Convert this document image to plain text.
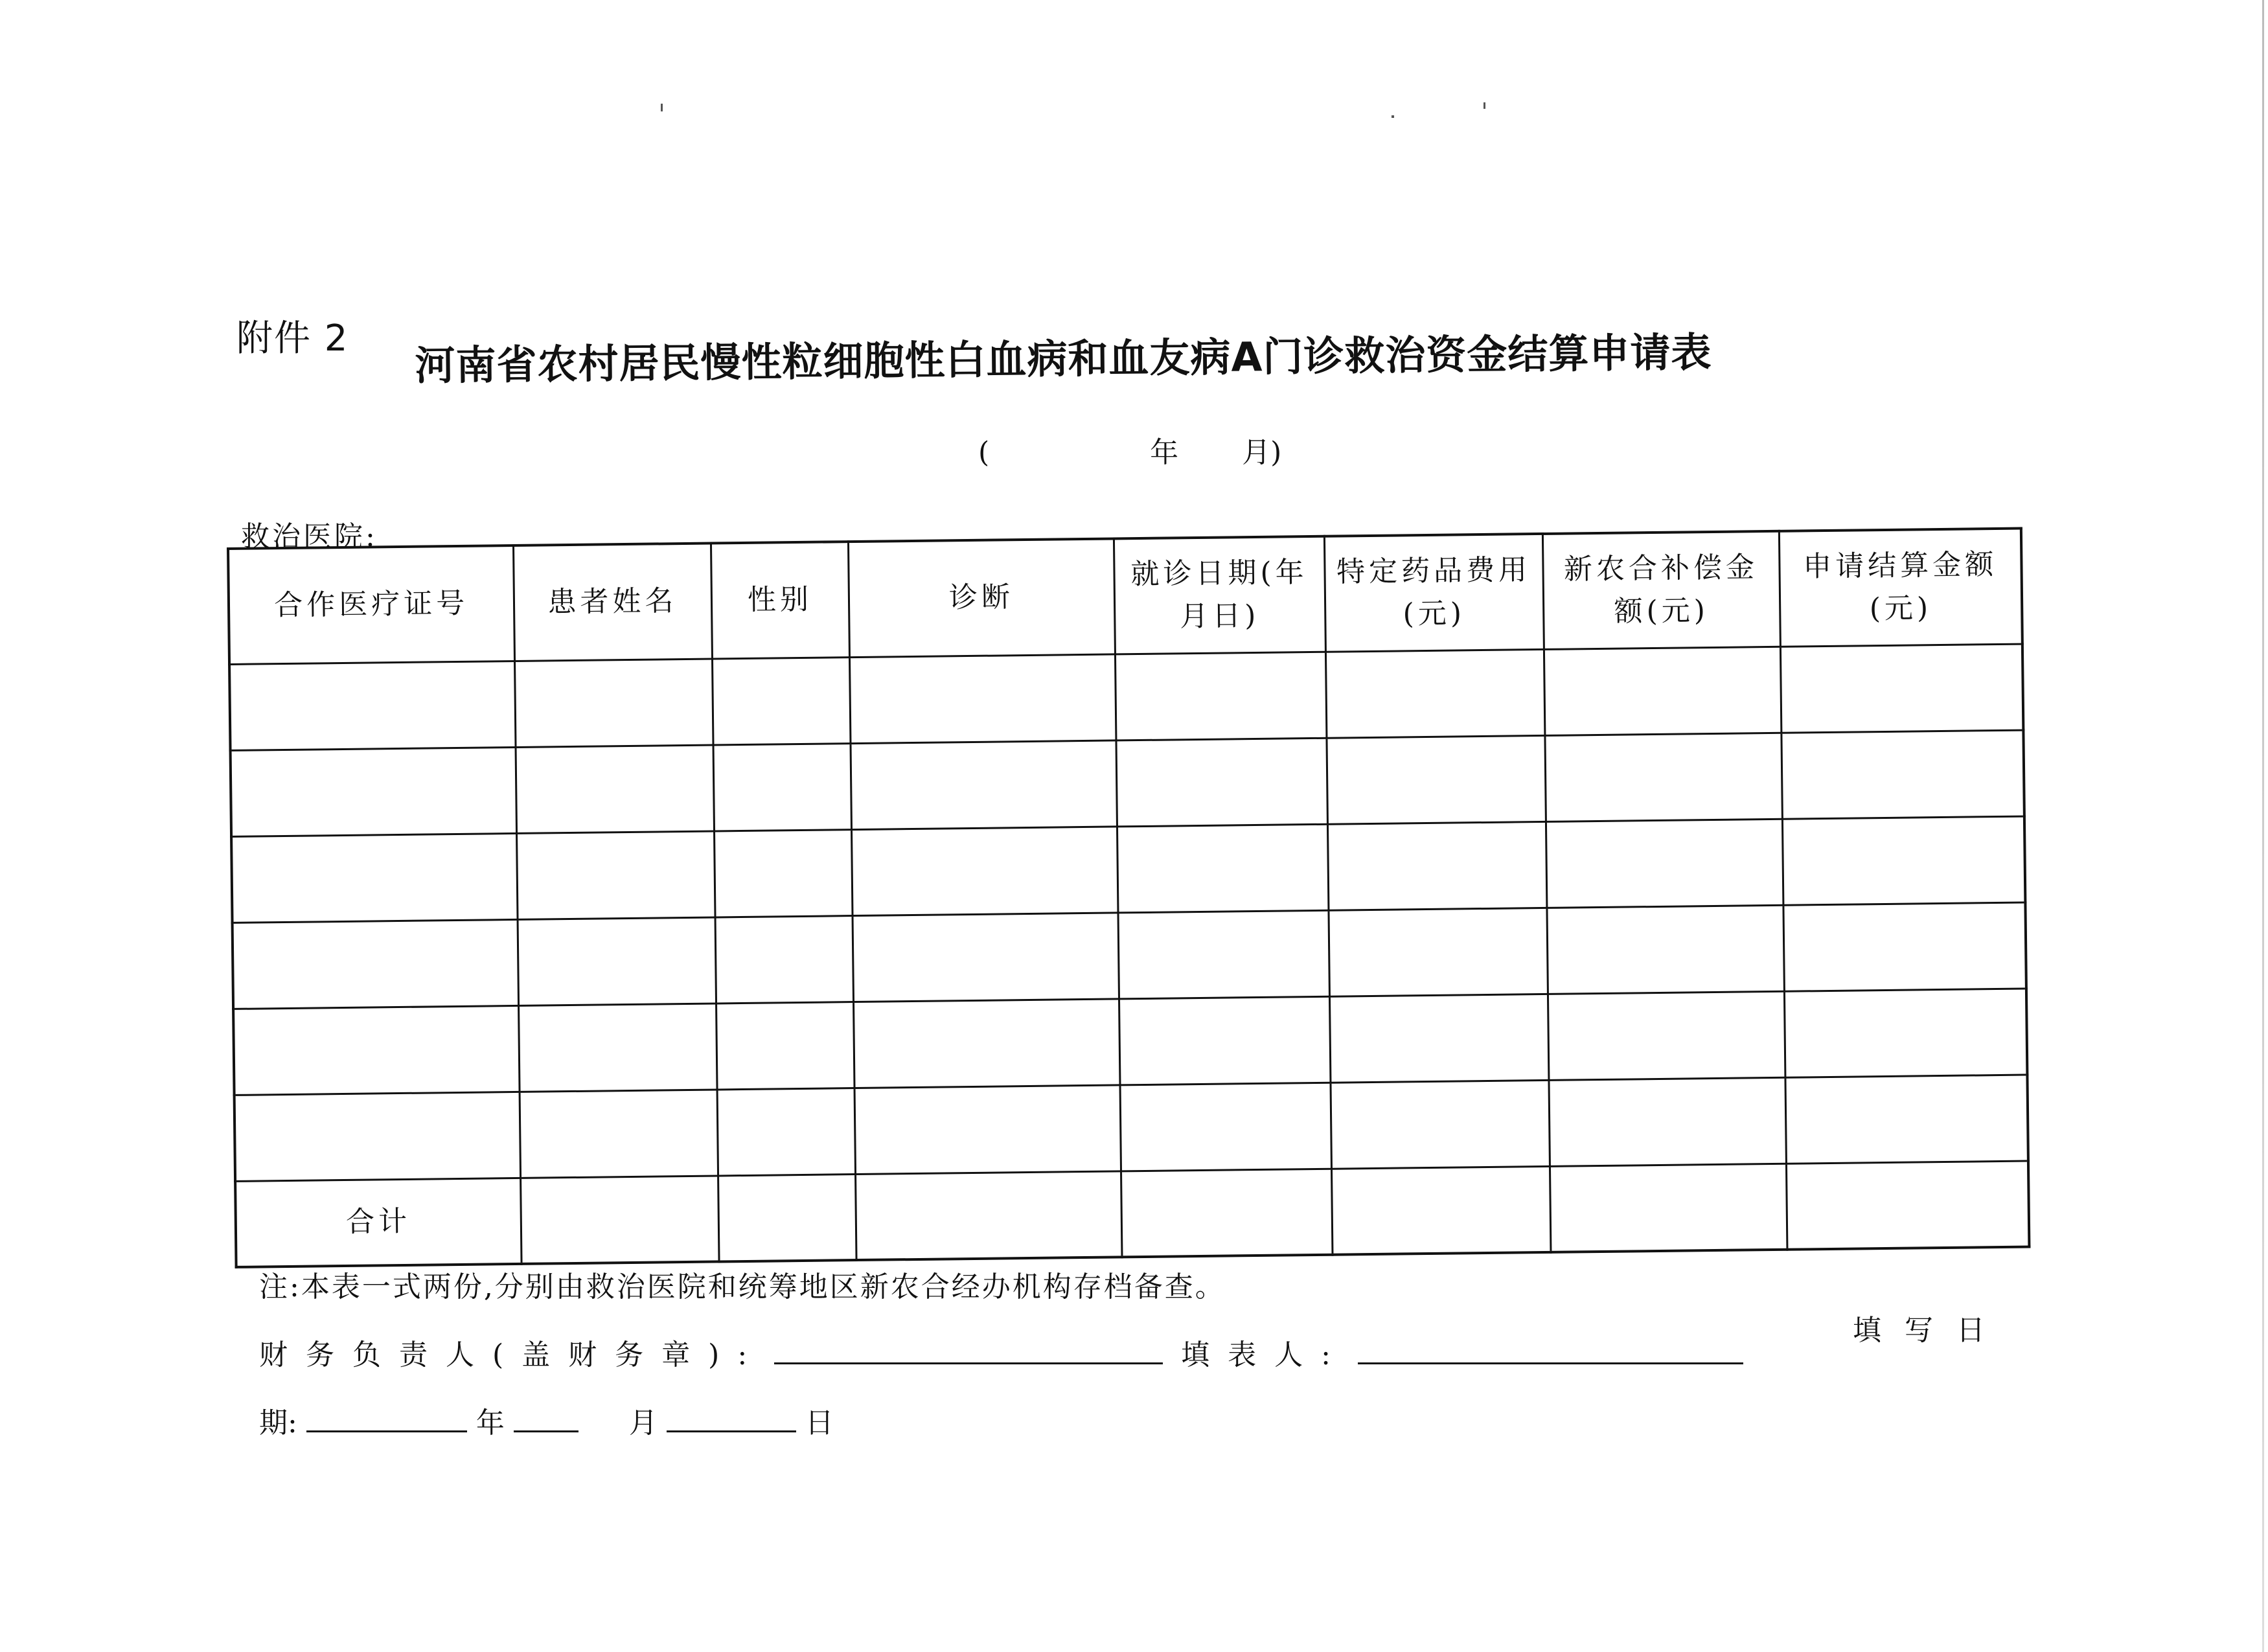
附件 2 河南省农村居民慢性粒细胞性白血病和血友病A门诊救治资金结算申请表
(	年 月)
救治医院:
合作医疗证号	患者姓名	性别	诊断	就诊日期(年月日)	特定药品费用(元)	新农合补偿金额(元)	申请结算金额(元)

合计							
注:本表一式两份,分别由救治医院和统筹地区新农合经办机构存档备查。
财务负责人(盖财务章):	填表人:
填写日
期:	年	月	日
